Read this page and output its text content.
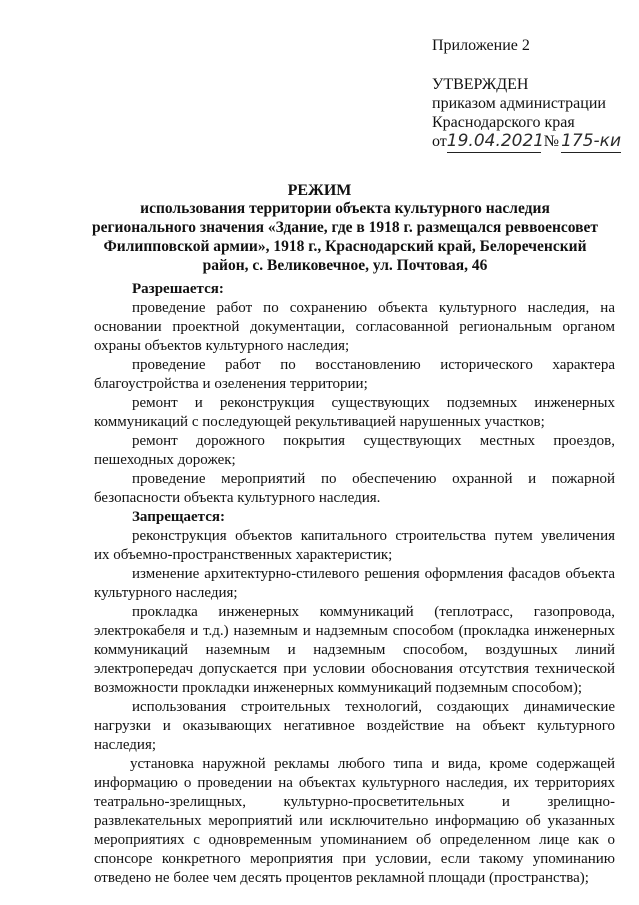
Приложение 2
УТВЕРЖДЕН
приказом администрации
Краснодарского края
от19.04.2021№ 175-ки
РЕЖИМ
использования территории объекта культурного наследия
регионального значения «Здание, где в 1918 г. размещался реввоенсовет
Филипповской армии», 1918 г., Краснодарский край, Белореченский
район, с. Великовечное, ул. Почтовая, 46
Разрешается:
проведение работ по сохранению объекта культурного наследия, на
основании проектной документации, согласованной региональным органом
охраны объектов культурного наследия;
проведение работ по восстановлению исторического характера
благоустройства и озеленения территории;
ремонт и реконструкция существующих подземных инженерных
коммуникаций с последующей рекультивацией нарушенных участков;
ремонт дорожного покрытия существующих местных проездов,
пешеходных дорожек;
проведение мероприятий по обеспечению охранной и пожарной
безопасности объекта культурного наследия.
Запрещается:
реконструкция объектов капитального строительства путем увеличения
их объемно-пространственных характеристик;
изменение архитектурно-стилевого решения оформления фасадов объекта
культурного наследия;
прокладка инженерных коммуникаций (теплотрасс, газопровода,
электрокабеля и т.д.) наземным и надземным способом (прокладка инженерных
коммуникаций наземным и надземным способом, воздушных линий
электропередач допускается при условии обоснования отсутствия технической
возможности прокладки инженерных коммуникаций подземным способом);
использования строительных технологий, создающих динамические
нагрузки и оказывающих негативное воздействие на объект культурного
наследия;
установка наружной рекламы любого типа и вида, кроме содержащей
информацию о проведении на объектах культурного наследия, их территориях
театрально-зрелищных, культурно-просветительных и зрелищно-
развлекательных мероприятий или исключительно информацию об указанных
мероприятиях с одновременным упоминанием об определенном лице как о
спонсоре конкретного мероприятия при условии, если такому упоминанию
отведено не более чем десять процентов рекламной площади (пространства);
